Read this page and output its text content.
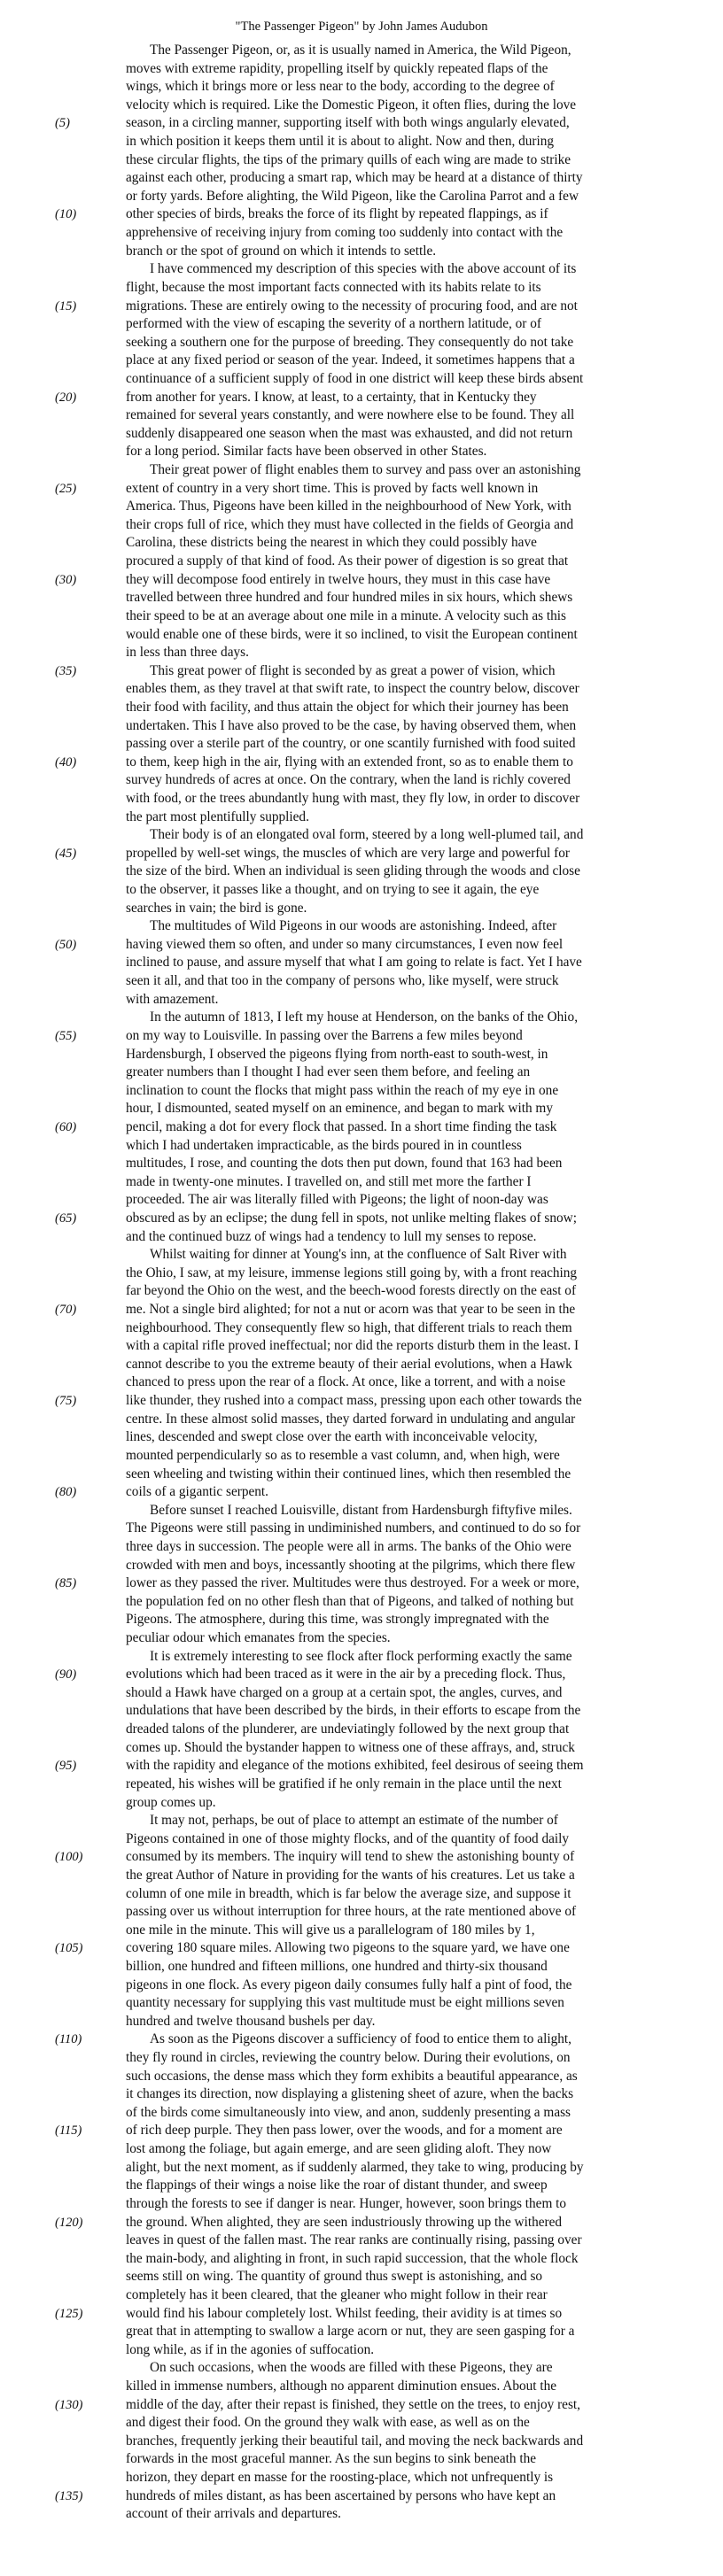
"The Passenger Pigeon" by John James Audubon
The Passenger Pigeon, or, as it is usually named in America, the Wild Pigeon,
moves with extreme rapidity, propelling itself by quickly repeated flaps of the
wings, which it brings more or less near to the body, according to the degree of
velocity which is required. Like the Domestic Pigeon, it often flies, during the love
(5)	season, in a circling manner, supporting itself with both wings angularly elevated,
in which position it keeps them until it is about to alight. Now and then, during
these circular flights, the tips of the primary quills of each wing are made to strike
against each other, producing a smart rap, which may be heard at a distance of thirty
or forty yards. Before alighting, the Wild Pigeon, like the Carolina Parrot and a few
(10)	other species of birds, breaks the force of its flight by repeated flappings, as if
apprehensive of receiving injury from coming too suddenly into contact with the
branch or the spot of ground on which it intends to settle.
I have commenced my description of this species with the above account of its
flight, because the most important facts connected with its habits relate to its
(15)	migrations. These are entirely owing to the necessity of procuring food, and are not
performed with the view of escaping the severity of a northern latitude, or of
seeking a southern one for the purpose of breeding. They consequently do not take
place at any fixed period or season of the year. Indeed, it sometimes happens that a
continuance of a sufficient supply of food in one district will keep these birds absent
(20)	from another for years. I know, at least, to a certainty, that in Kentucky they
remained for several years constantly, and were nowhere else to be found. They all
suddenly disappeared one season when the mast was exhausted, and did not return
for a long period. Similar facts have been observed in other States.
Their great power of flight enables them to survey and pass over an astonishing
(25)	extent of country in a very short time. This is proved by facts well known in
America. Thus, Pigeons have been killed in the neighbourhood of New York, with
their crops full of rice, which they must have collected in the fields of Georgia and
Carolina, these districts being the nearest in which they could possibly have
procured a supply of that kind of food. As their power of digestion is so great that
(30)	they will decompose food entirely in twelve hours, they must in this case have
travelled between three hundred and four hundred miles in six hours, which shews
their speed to be at an average about one mile in a minute. A velocity such as this
would enable one of these birds, were it so inclined, to visit the European continent
in less than three days.
(35)	This great power of flight is seconded by as great a power of vision, which
enables them, as they travel at that swift rate, to inspect the country below, discover
their food with facility, and thus attain the object for which their journey has been
undertaken. This I have also proved to be the case, by having observed them, when
passing over a sterile part of the country, or one scantily furnished with food suited
(40)	to them, keep high in the air, flying with an extended front, so as to enable them to
survey hundreds of acres at once. On the contrary, when the land is richly covered
with food, or the trees abundantly hung with mast, they fly low, in order to discover
the part most plentifully supplied.
Their body is of an elongated oval form, steered by a long well-plumed tail, and
(45)	propelled by well-set wings, the muscles of which are very large and powerful for
the size of the bird. When an individual is seen gliding through the woods and close
to the observer, it passes like a thought, and on trying to see it again, the eye
searches in vain; the bird is gone.
The multitudes of Wild Pigeons in our woods are astonishing. Indeed, after
(50)	having viewed them so often, and under so many circumstances, I even now feel
inclined to pause, and assure myself that what I am going to relate is fact. Yet I have
seen it all, and that too in the company of persons who, like myself, were struck
with amazement.
In the autumn of 1813, I left my house at Henderson, on the banks of the Ohio,
(55)	on my way to Louisville. In passing over the Barrens a few miles beyond
Hardensburgh, I observed the pigeons flying from north-east to south-west, in
greater numbers than I thought I had ever seen them before, and feeling an
inclination to count the flocks that might pass within the reach of my eye in one
hour, I dismounted, seated myself on an eminence, and began to mark with my
(60)	pencil, making a dot for every flock that passed. In a short time finding the task
which I had undertaken impracticable, as the birds poured in in countless
multitudes, I rose, and counting the dots then put down, found that 163 had been
made in twenty-one minutes. I travelled on, and still met more the farther I
proceeded. The air was literally filled with Pigeons; the light of noon-day was
(65)	obscured as by an eclipse; the dung fell in spots, not unlike melting flakes of snow;
and the continued buzz of wings had a tendency to lull my senses to repose.
Whilst waiting for dinner at Young's inn, at the confluence of Salt River with
the Ohio, I saw, at my leisure, immense legions still going by, with a front reaching
far beyond the Ohio on the west, and the beech-wood forests directly on the east of
(70)	me. Not a single bird alighted; for not a nut or acorn was that year to be seen in the
neighbourhood. They consequently flew so high, that different trials to reach them
with a capital rifle proved ineffectual; nor did the reports disturb them in the least. I
cannot describe to you the extreme beauty of their aerial evolutions, when a Hawk
chanced to press upon the rear of a flock. At once, like a torrent, and with a noise
(75)	like thunder, they rushed into a compact mass, pressing upon each other towards the
centre. In these almost solid masses, they darted forward in undulating and angular
lines, descended and swept close over the earth with inconceivable velocity,
mounted perpendicularly so as to resemble a vast column, and, when high, were
seen wheeling and twisting within their continued lines, which then resembled the
(80)	coils of a gigantic serpent.
Before sunset I reached Louisville, distant from Hardensburgh fiftyfive miles.
The Pigeons were still passing in undiminished numbers, and continued to do so for
three days in succession. The people were all in arms. The banks of the Ohio were
crowded with men and boys, incessantly shooting at the pilgrims, which there flew
(85)	lower as they passed the river. Multitudes were thus destroyed. For a week or more,
the population fed on no other flesh than that of Pigeons, and talked of nothing but
Pigeons. The atmosphere, during this time, was strongly impregnated with the
peculiar odour which emanates from the species.
It is extremely interesting to see flock after flock performing exactly the same
(90)	evolutions which had been traced as it were in the air by a preceding flock. Thus,
should a Hawk have charged on a group at a certain spot, the angles, curves, and
undulations that have been described by the birds, in their efforts to escape from the
dreaded talons of the plunderer, are undeviatingly followed by the next group that
comes up. Should the bystander happen to witness one of these affrays, and, struck
(95)	with the rapidity and elegance of the motions exhibited, feel desirous of seeing them
repeated, his wishes will be gratified if he only remain in the place until the next
group comes up.
It may not, perhaps, be out of place to attempt an estimate of the number of
Pigeons contained in one of those mighty flocks, and of the quantity of food daily
(100)	consumed by its members. The inquiry will tend to shew the astonishing bounty of
the great Author of Nature in providing for the wants of his creatures. Let us take a
column of one mile in breadth, which is far below the average size, and suppose it
passing over us without interruption for three hours, at the rate mentioned above of
one mile in the minute. This will give us a parallelogram of 180 miles by 1,
(105)	covering 180 square miles. Allowing two pigeons to the square yard, we have one
billion, one hundred and fifteen millions, one hundred and thirty-six thousand
pigeons in one flock. As every pigeon daily consumes fully half a pint of food, the
quantity necessary for supplying this vast multitude must be eight millions seven
hundred and twelve thousand bushels per day.
(110)	As soon as the Pigeons discover a sufficiency of food to entice them to alight,
they fly round in circles, reviewing the country below. During their evolutions, on
such occasions, the dense mass which they form exhibits a beautiful appearance, as
it changes its direction, now displaying a glistening sheet of azure, when the backs
of the birds come simultaneously into view, and anon, suddenly presenting a mass
(115)	of rich deep purple. They then pass lower, over the woods, and for a moment are
lost among the foliage, but again emerge, and are seen gliding aloft. They now
alight, but the next moment, as if suddenly alarmed, they take to wing, producing by
the flappings of their wings a noise like the roar of distant thunder, and sweep
through the forests to see if danger is near. Hunger, however, soon brings them to
(120)	the ground. When alighted, they are seen industriously throwing up the withered
leaves in quest of the fallen mast. The rear ranks are continually rising, passing over
the main-body, and alighting in front, in such rapid succession, that the whole flock
seems still on wing. The quantity of ground thus swept is astonishing, and so
completely has it been cleared, that the gleaner who might follow in their rear
(125)	would find his labour completely lost. Whilst feeding, their avidity is at times so
great that in attempting to swallow a large acorn or nut, they are seen gasping for a
long while, as if in the agonies of suffocation.
On such occasions, when the woods are filled with these Pigeons, they are
killed in immense numbers, although no apparent diminution ensues. About the
(130)	middle of the day, after their repast is finished, they settle on the trees, to enjoy rest,
and digest their food. On the ground they walk with ease, as well as on the
branches, frequently jerking their beautiful tail, and moving the neck backwards and
forwards in the most graceful manner. As the sun begins to sink beneath the
horizon, they depart en masse for the roosting-place, which not unfrequently is
(135)	hundreds of miles distant, as has been ascertained by persons who have kept an
account of their arrivals and departures.
